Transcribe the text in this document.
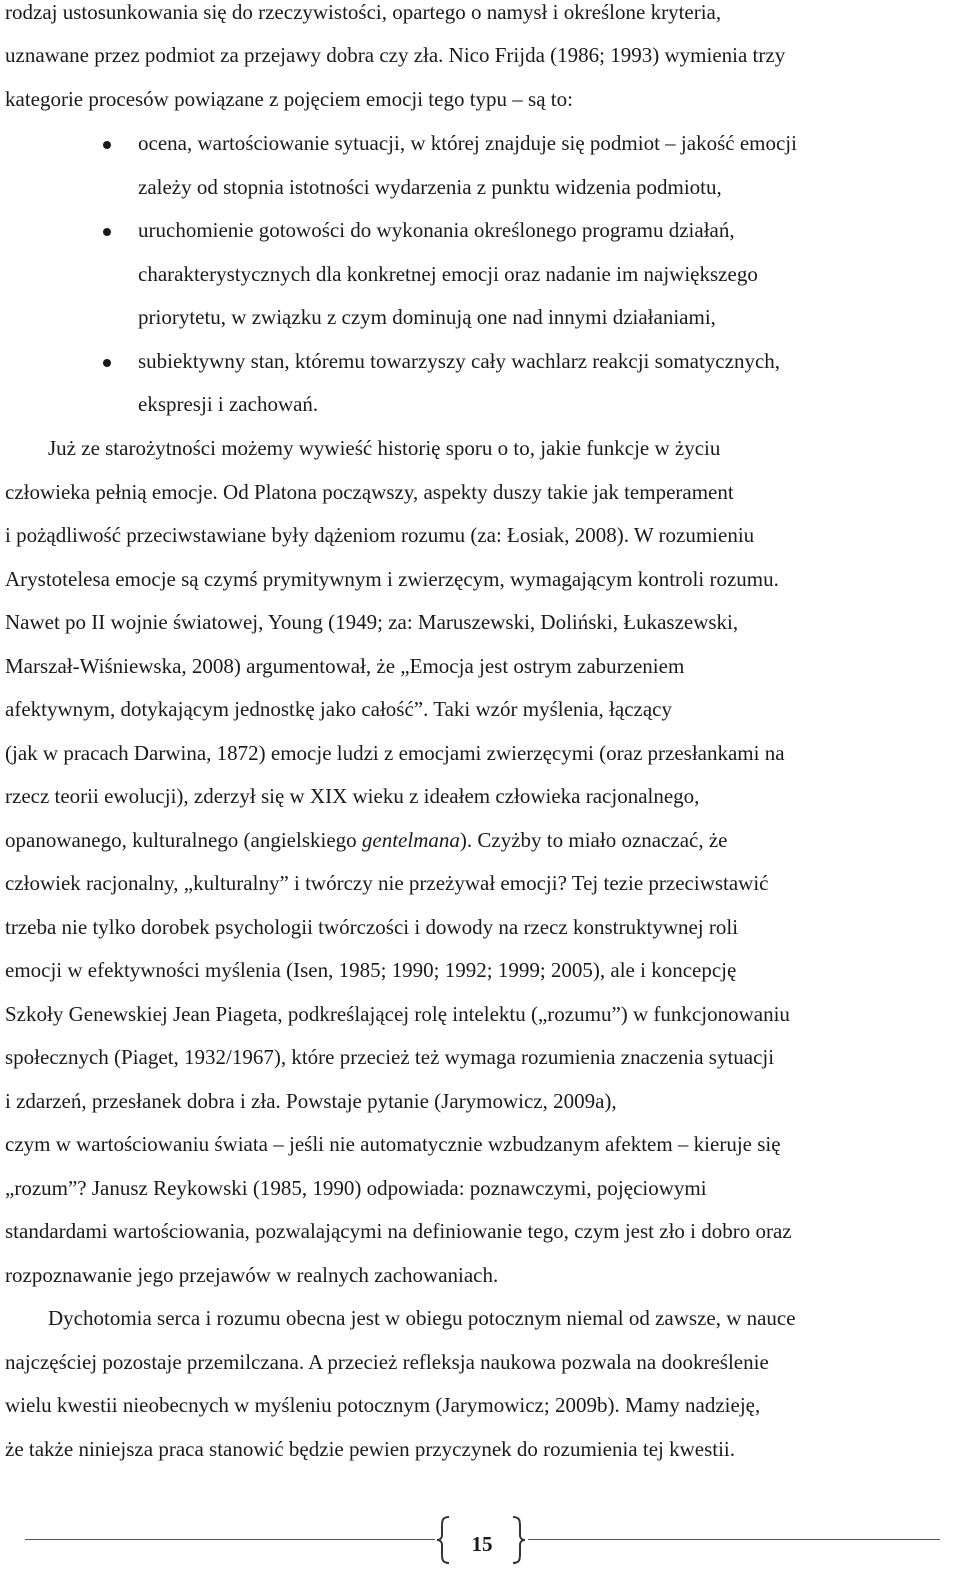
rodzaj ustosunkowania się do rzeczywistości, opartego o namysł i określone kryteria,
uznawane przez podmiot za przejawy dobra czy zła. Nico Frijda (1986; 1993) wymienia trzy
kategorie procesów powiązane z pojęciem emocji tego typu – są to:
ocena, wartościowanie sytuacji, w której znajduje się podmiot – jakość emocji
zależy od stopnia istotności wydarzenia z punktu widzenia podmiotu,
uruchomienie gotowości do wykonania określonego programu działań,
charakterystycznych dla konkretnej emocji oraz nadanie im największego
priorytetu, w związku z czym dominują one nad innymi działaniami,
subiektywny stan, któremu towarzyszy cały wachlarz reakcji somatycznych,
ekspresji i zachowań.
Już ze starożytności możemy wywieść historię sporu o to, jakie funkcje w życiu
człowieka pełnią emocje. Od Platona począwszy, aspekty duszy takie jak temperament
i pożądliwość przeciwstawiane były dążeniom rozumu (za: Łosiak, 2008). W rozumieniu
Arystotelesa emocje są czymś prymitywnym i zwierzęcym, wymagającym kontroli rozumu.
Nawet po II wojnie światowej, Young (1949; za: Maruszewski, Doliński, Łukaszewski,
Marszał-Wiśniewska, 2008) argumentował, że „Emocja jest ostrym zaburzeniem
afektywnym, dotykającym jednostkę jako całość”. Taki wzór myślenia, łączący
(jak w pracach Darwina, 1872) emocje ludzi z emocjami zwierzęcymi (oraz przesłankami na
rzecz teorii ewolucji), zderzył się w XIX wieku z ideałem człowieka racjonalnego,
opanowanego, kulturalnego (angielskiego gentelmana). Czyżby to miało oznaczać, że
człowiek racjonalny, „kulturalny” i twórczy nie przeżywał emocji? Tej tezie przeciwstawić
trzeba nie tylko dorobek psychologii twórczości i dowody na rzecz konstruktywnej roli
emocji w efektywności myślenia (Isen, 1985; 1990; 1992; 1999; 2005), ale i koncepcję
Szkoły Genewskiej Jean Piageta, podkreślającej rolę intelektu („rozumu”) w funkcjonowaniu
społecznych (Piaget, 1932/1967), które przecież też wymaga rozumienia znaczenia sytuacji
i zdarzeń, przesłanek dobra i zła. Powstaje pytanie (Jarymowicz, 2009a),
czym w wartościowaniu świata – jeśli nie automatycznie wzbudzanym afektem – kieruje się
„rozum”? Janusz Reykowski (1985, 1990) odpowiada: poznawczymi, pojęciowymi
standardami wartościowania, pozwalającymi na definiowanie tego, czym jest zło i dobro oraz
rozpoznawanie jego przejawów w realnych zachowaniach.
Dychotomia serca i rozumu obecna jest w obiegu potocznym niemal od zawsze, w nauce
najczęściej pozostaje przemilczana. A przecież refleksja naukowa pozwala na dookreślenie
wielu kwestii nieobecnych w myśleniu potocznym (Jarymowicz; 2009b). Mamy nadzieję,
że także niniejsza praca stanowić będzie pewien przyczynek do rozumienia tej kwestii.
15
